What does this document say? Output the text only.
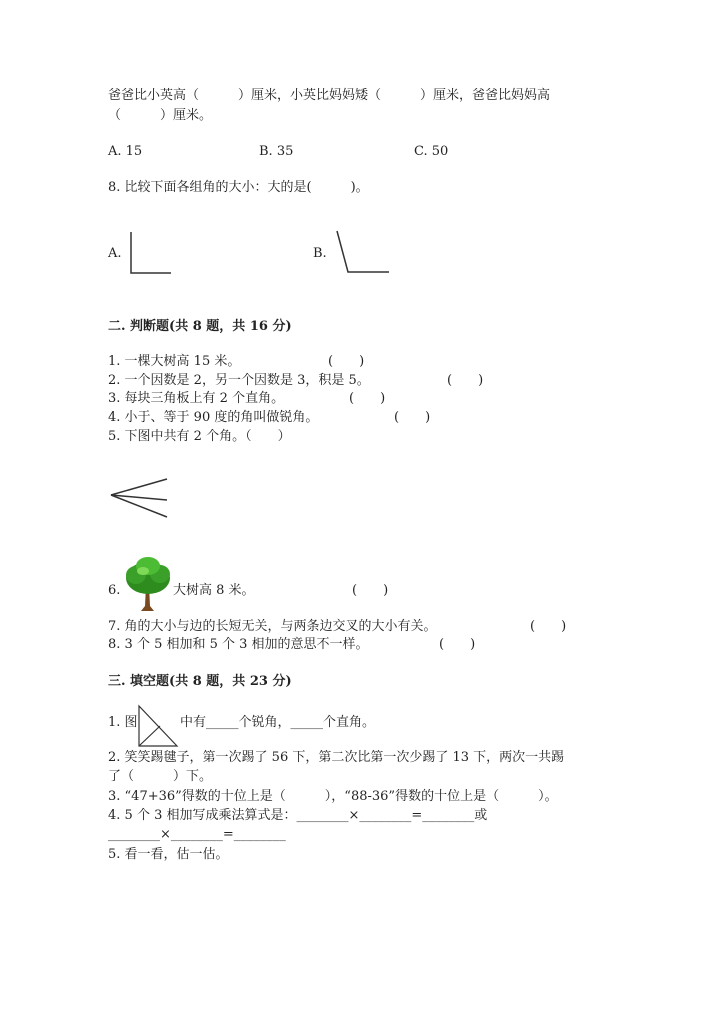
爸爸比小英高（　　　）厘米，小英比妈妈矮（　　　）厘米，爸爸比妈妈高
（　　　）厘米。
A. 15	B. 35	C. 50
8. 比较下面各组角的大小：大的是(　　　)。
A.	B.
二. 判断题(共 8 题，共 16 分)
1. 一棵大树高 15 米。	(　　)
2. 一个因数是 2，另一个因数是 3，积是 5。	(　　)
3. 每块三角板上有 2 个直角。	(　　)
4. 小于、等于 90 度的角叫做锐角。	(　　)
5. 下图中共有 2 个角。（　　）
6.	大树高 8 米。	(　　)
7. 角的大小与边的长短无关，与两条边交叉的大小有关。	(　　)
8. 3 个 5 相加和 5 个 3 相加的意思不一样。	(　　)
三. 填空题(共 8 题，共 23 分)
1. 图	中有_____个锐角，_____个直角。
2. 笑笑踢毽子，第一次踢了 56 下，第二次比第一次少踢了 13 下，两次一共踢
了（　　　）下。
3. “47+36”得数的十位上是（　　　），“88-36”得数的十位上是（　　　）。
4. 5 个 3 相加写成乘法算式是：________×________=________或
________×________=________
5. 看一看，估一估。
